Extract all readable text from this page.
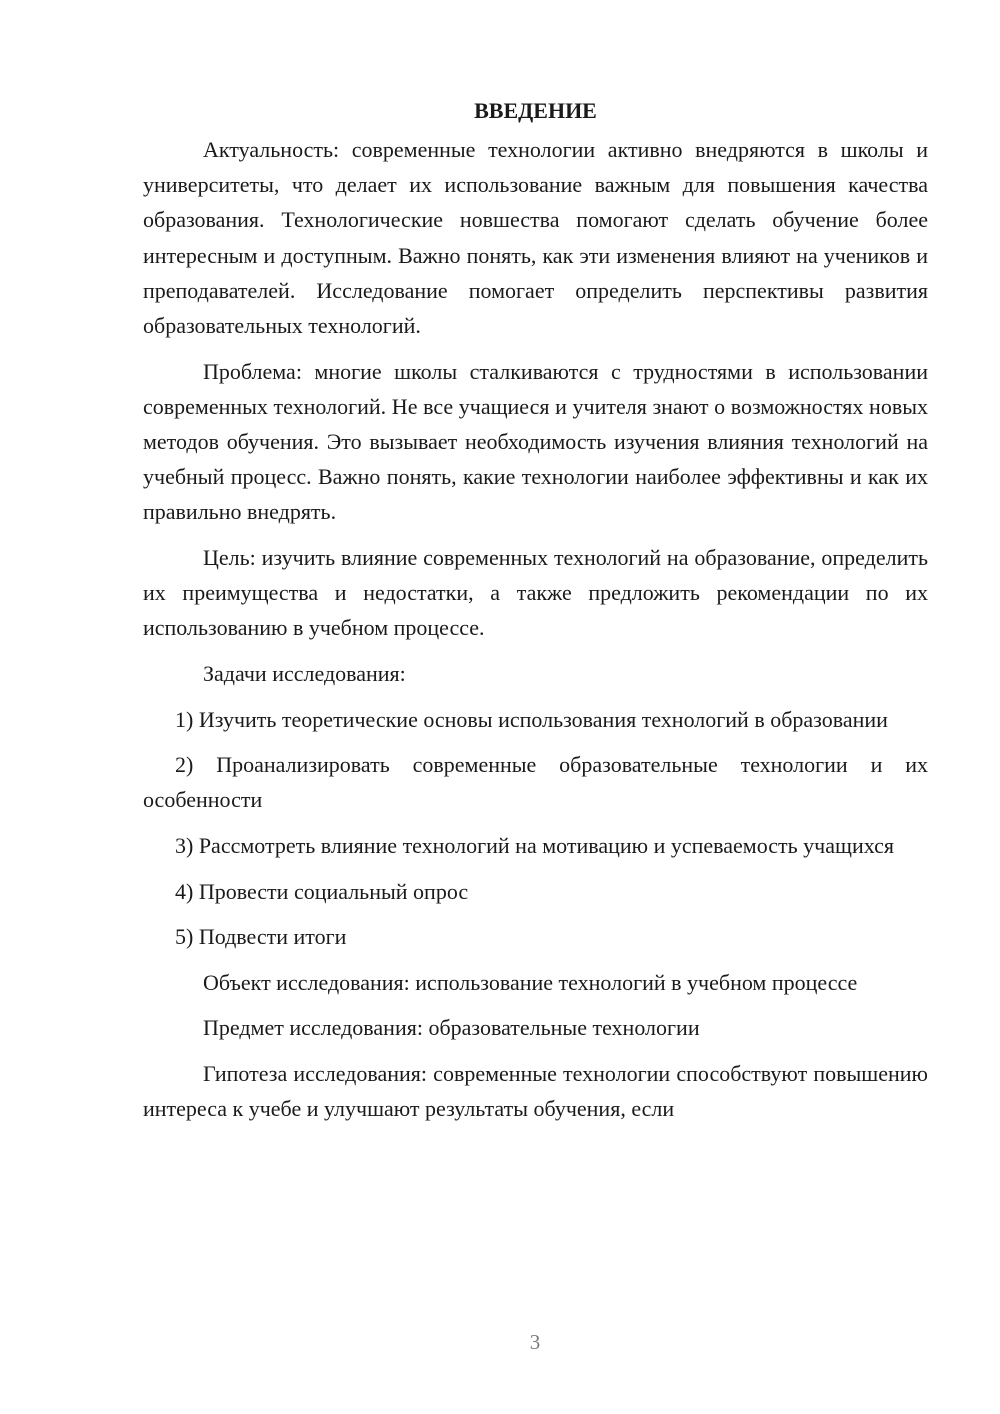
ВВЕДЕНИЕ

Актуальность: современные технологии активно внедряются в школы и университеты, что делает их использование важным для повышения качества образования. Технологические новшества помогают сделать обучение более интересным и доступным. Важно понять, как эти изменения влияют на учеников и преподавателей. Исследование помогает определить перспективы развития образовательных технологий.

Проблема: многие школы сталкиваются с трудностями в использовании современных технологий. Не все учащиеся и учителя знают о возможностях новых методов обучения. Это вызывает необходимость изучения влияния технологий на учебный процесс. Важно понять, какие технологии наиболее эффективны и как их правильно внедрять.

Цель: изучить влияние современных технологий на образование, определить их преимущества и недостатки, а также предложить рекомендации по их использованию в учебном процессе.

Задачи исследования:

1) Изучить теоретические основы использования технологий в образовании

2) Проанализировать современные образовательные технологии и их особенности

3) Рассмотреть влияние технологий на мотивацию и успеваемость учащихся

4) Провести социальный опрос

5) Подвести итоги

Объект исследования: использование технологий в учебном процессе

Предмет исследования: образовательные технологии

Гипотеза исследования: современные технологии способствуют повышению интереса к учебе и улучшают результаты обучения, если

3
